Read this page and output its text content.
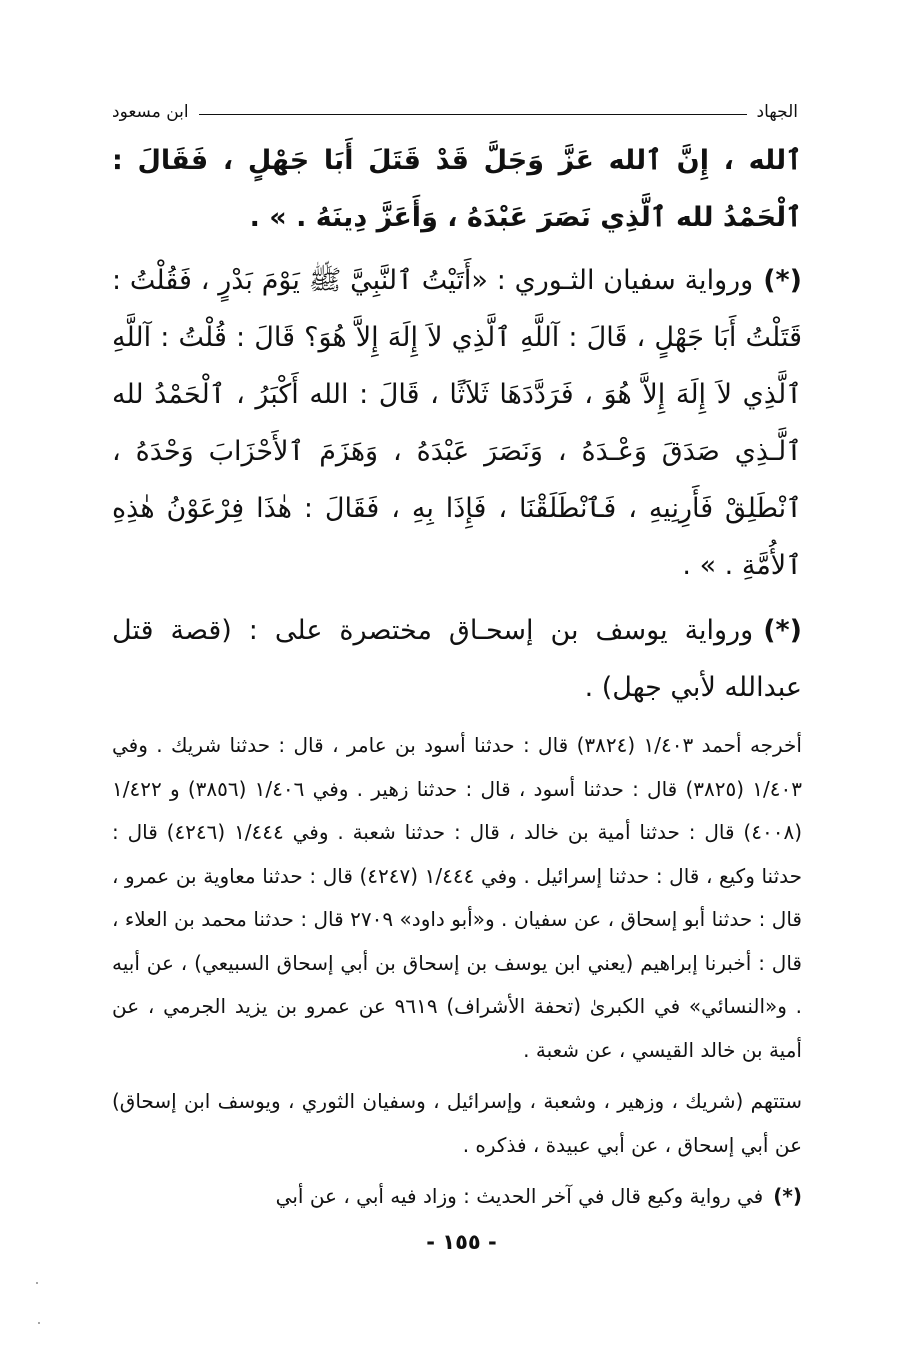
الجهاد
ابن مسعود

ٱلله ، إِنَّ ٱلله عَزَّ وَجَلَّ قَدْ قَتَلَ أَبَا جَهْلٍ ، فَقَالَ : ٱلْحَمْدُ لله ٱلَّذِي نَصَرَ عَبْدَهُ ، وَأَعَزَّ دِينَهُ . » .

(*)ورواية سفيان الثـوري : «أَتَيْتُ ٱلنَّبِيَّ ﷺ يَوْمَ بَدْرٍ ، فَقُلْتُ : قَتَلْتُ أَبَا جَهْلٍ ، قَالَ : آللَّهِ ٱلَّذِي لاَ إِلَهَ إِلاَّ هُوَ؟ قَالَ : قُلْتُ : آللَّهِ ٱلَّذِي لاَ إِلَهَ إِلاَّ هُوَ ، فَرَدَّدَهَا ثَلاَثًا ، قَالَ : الله أَكْبَرُ ، ٱلْحَمْدُ لله ٱلَّـذِي صَدَقَ وَعْـدَهُ ، وَنَصَرَ عَبْدَهُ ، وَهَزَمَ ٱلأَحْزَابَ وَحْدَهُ ، ٱنْطَلِقْ فَأَرِنِيهِ ، فَٱنْطَلَقْنَا ، فَإِذَا بِهِ ، فَقَالَ : هٰذَا فِرْعَوْنُ هٰذِهِ ٱلأُمَّةِ . » .

(*)ورواية يوسف بن إسحـاق مختصرة على : (قصة قتل عبدالله لأبي جهل) .

أخرجه أحمد ١/٤٠٣ (٣٨٢٤) قال : حدثنا أسود بن عامر ، قال : حدثنا شريك . وفي ١/٤٠٣ (٣٨٢٥) قال : حدثنا أسود ، قال : حدثنا زهير . وفي ١/٤٠٦ (٣٨٥٦) و ١/٤٢٢ (٤٠٠٨) قال : حدثنا أمية بن خالد ، قال : حدثنا شعبة . وفي ١/٤٤٤ (٤٢٤٦) قال : حدثنا وكيع ، قال : حدثنا إسرائيل . وفي ١/٤٤٤ (٤٢٤٧) قال : حدثنا معاوية بن عمرو ، قال : حدثنا أبو إسحاق ، عن سفيان . و«أبو داود» ٢٧٠٩ قال : حدثنا محمد بن العلاء ، قال : أخبرنا إبراهيم (يعني ابن يوسف بن إسحاق بن أبي إسحاق السبيعي) ، عن أبيه . و«النسائي» في الكبرىٰ (تحفة الأشراف) ٩٦١٩ عن عمرو بن يزيد الجرمي ، عن أمية بن خالد القيسي ، عن شعبة .

ستتهم (شريك ، وزهير ، وشعبة ، وإسرائيل ، وسفيان الثوري ، ويوسف ابن إسحاق) عن أبي إسحاق ، عن أبي عبيدة ، فذكره .

(*)في رواية وكيع قال في آخر الحديث : وزاد فيه أبي ، عن أبي

- ١٥٥ -
